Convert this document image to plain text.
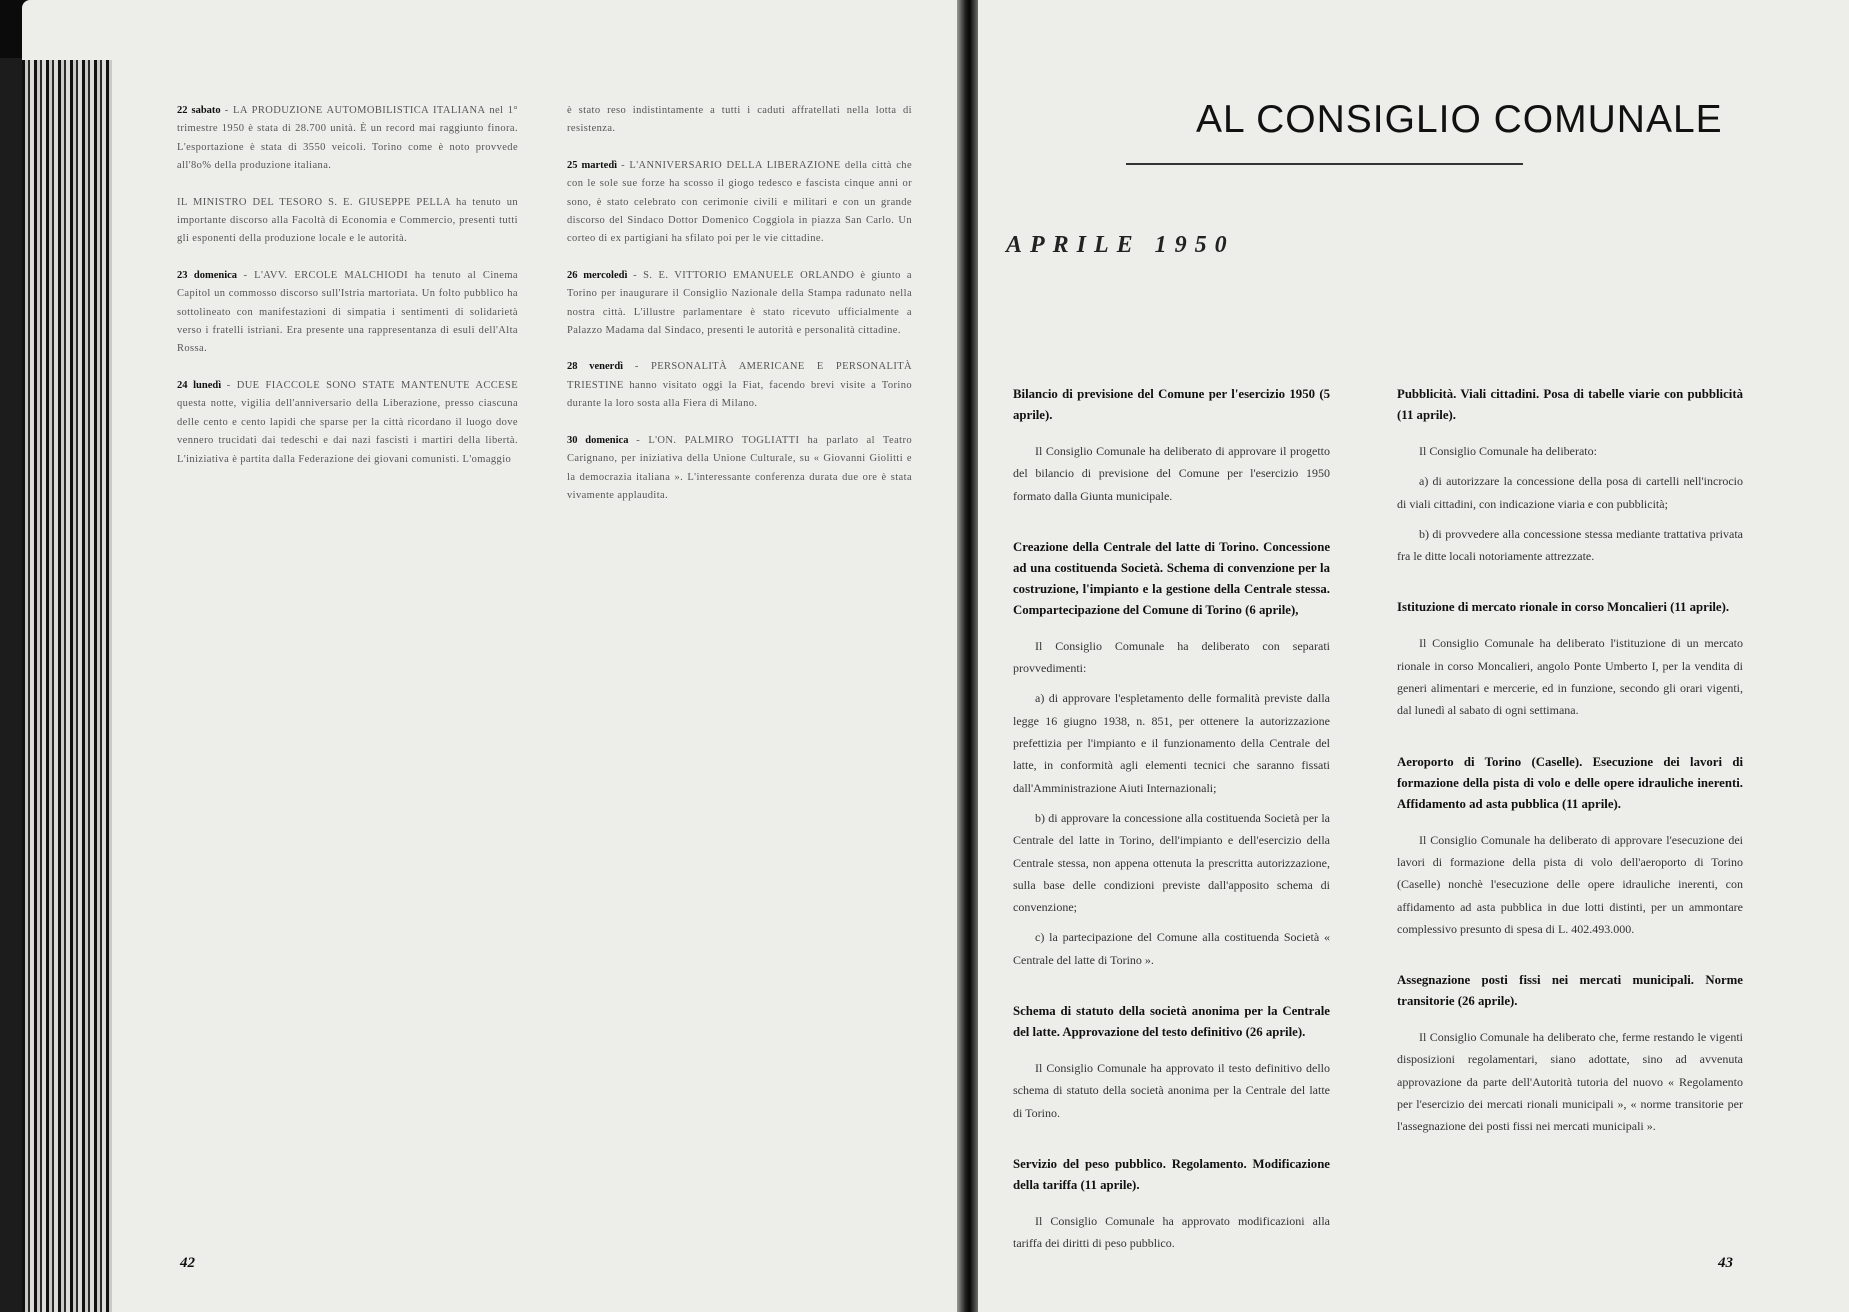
22 sabato - LA PRODUZIONE AUTOMOBILISTICA ITALIANA nel 1° trimestre 1950 è stata di 28.700 unità. È un record mai raggiunto finora. L'esportazione è stata di 3550 veicoli. Torino come è noto provvede all'8o% della produzione italiana.
IL MINISTRO DEL TESORO S. E. GIUSEPPE PELLA ha tenuto un importante discorso alla Facoltà di Economia e Commercio, presenti tutti gli esponenti della produzione locale e le autorità.
23 domenica - L'AVV. ERCOLE MALCHIODI ha tenuto al Cinema Capitol un commosso discorso sull'Istria martoriata. Un folto pubblico ha sottolineato con manifestazioni di simpatia i sentimenti di solidarietà verso i fratelli istriani. Era presente una rappresentanza di esuli dell'Alta Rossa.
24 lunedì - DUE FIACCOLE SONO STATE MANTENUTE ACCESE questa notte, vigilia dell'anniversario della Liberazione, presso ciascuna delle cento e cento lapidi che sparse per la città ricordano il luogo dove vennero trucidati dai tedeschi e dai nazi fascisti i martiri della libertà. L'iniziativa è partita dalla Federazione dei giovani comunisti. L'omaggio
è stato reso indistintamente a tutti i caduti affratellati nella lotta di resistenza.
25 martedì - L'ANNIVERSARIO DELLA LIBERAZIONE della città che con le sole sue forze ha scosso il giogo tedesco e fascista cinque anni or sono, è stato celebrato con cerimonie civili e militari e con un grande discorso del Sindaco Dottor Domenico Coggiola in piazza San Carlo. Un corteo di ex partigiani ha sfilato poi per le vie cittadine.
26 mercoledì - S. E. VITTORIO EMANUELE ORLANDO è giunto a Torino per inaugurare il Consiglio Nazionale della Stampa radunato nella nostra città. L'illustre parlamentare è stato ricevuto ufficialmente a Palazzo Madama dal Sindaco, presenti le autorità e personalità cittadine.
28 venerdì - PERSONALITÀ AMERICANE E PERSONALITÀ TRIESTINE hanno visitato oggi la Fiat, facendo brevi visite a Torino durante la loro sosta alla Fiera di Milano.
30 domenica - L'ON. PALMIRO TOGLIATTI ha parlato al Teatro Carignano, per iniziativa della Unione Culturale, su « Giovanni Giolitti e la democrazia italiana ». L'interessante conferenza durata due ore è stata vivamente applaudita.
42	43
AL CONSIGLIO COMUNALE
APRILE 1950
Bilancio di previsione del Comune per l'esercizio 1950 (5 aprile).

Il Consiglio Comunale ha deliberato di approvare il progetto del bilancio di previsione del Comune per l'esercizio 1950 formato dalla Giunta municipale.

Creazione della Centrale del latte di Torino. Concessione ad una costituenda Società. Schema di convenzione per la costruzione, l'impianto e la gestione della Centrale stessa. Compartecipazione del Comune di Torino (6 aprile),

Il Consiglio Comunale ha deliberato con separati provvedimenti:

a) di approvare l'espletamento delle formalità previste dalla legge 16 giugno 1938, n. 851, per ottenere la autorizzazione prefettizia per l'impianto e il funzionamento della Centrale del latte, in conformità agli elementi tecnici che saranno fissati dall'Amministrazione Aiuti Internazionali;

b) di approvare la concessione alla costituenda Società per la Centrale del latte in Torino, dell'impianto e dell'esercizio della Centrale stessa, non appena ottenuta la prescritta autorizzazione, sulla base delle condizioni previste dall'apposito schema di convenzione;

c) la partecipazione del Comune alla costituenda Società « Centrale del latte di Torino ».

Schema di statuto della società anonima per la Centrale del latte. Approvazione del testo definitivo (26 aprile).

Il Consiglio Comunale ha approvato il testo definitivo dello schema di statuto della società anonima per la Centrale del latte di Torino.

Servizio del peso pubblico. Regolamento. Modificazione della tariffa (11 aprile).

Il Consiglio Comunale ha approvato modificazioni alla tariffa dei diritti di peso pubblico.

Pubblicità. Viali cittadini. Posa di tabelle viarie con pubblicità (11 aprile).

Il Consiglio Comunale ha deliberato:

a) di autorizzare la concessione della posa di cartelli nell'incrocio di viali cittadini, con indicazione viaria e con pubblicità;

b) di provvedere alla concessione stessa mediante trattativa privata fra le ditte locali notoriamente attrezzate.

Istituzione di mercato rionale in corso Moncalieri (11 aprile).

Il Consiglio Comunale ha deliberato l'istituzione di un mercato rionale in corso Moncalieri, angolo Ponte Umberto I, per la vendita di generi alimentari e mercerie, ed in funzione, secondo gli orari vigenti, dal lunedì al sabato di ogni settimana.

Aeroporto di Torino (Caselle). Esecuzione dei lavori di formazione della pista di volo e delle opere idrauliche inerenti. Affidamento ad asta pubblica (11 aprile).

Il Consiglio Comunale ha deliberato di approvare l'esecuzione dei lavori di formazione della pista di volo dell'aeroporto di Torino (Caselle) nonchè l'esecuzione delle opere idrauliche inerenti, con affidamento ad asta pubblica in due lotti distinti, per un ammontare complessivo presunto di spesa di L. 402.493.000.

Assegnazione posti fissi nei mercati municipali. Norme transitorie (26 aprile).

Il Consiglio Comunale ha deliberato che, ferme restando le vigenti disposizioni regolamentari, siano adottate, sino ad avvenuta approvazione da parte dell'Autorità tutoria del nuovo « Regolamento per l'esercizio dei mercati rionali municipali », « norme transitorie per l'assegnazione dei posti fissi nei mercati municipali ».
